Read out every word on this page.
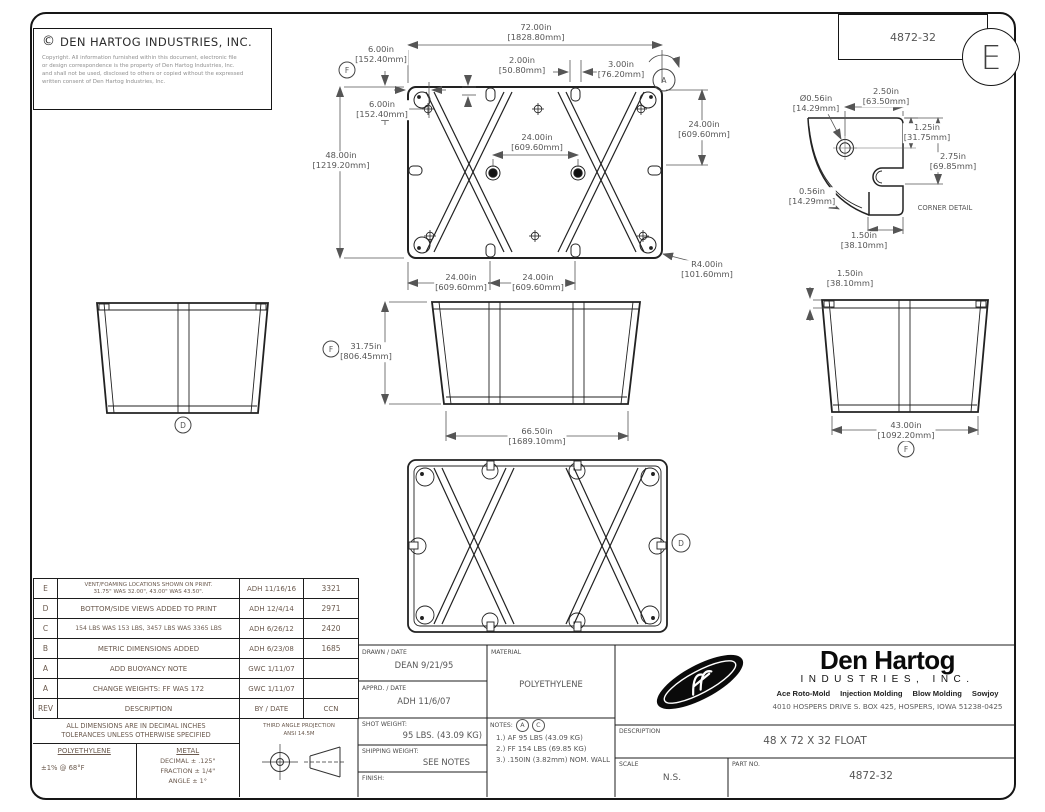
F
A
F
D
F
D
72.00in
[1828.80mm]
6.00in
[152.40mm]
6.00in
[152.40mm]
2.00in
[50.80mm]
3.00in
[76.20mm]
48.00in
[1219.20mm]
24.00in
[609.60mm]
24.00in
[609.60mm]
R4.00in
[101.60mm]
24.00in
[609.60mm]
24.00in
[609.60mm]
Ø0.56in
[14.29mm]
2.50in
[63.50mm]
1.25in
[31.75mm]
2.75in
[69.85mm]
0.56in
[14.29mm]
1.50in
[38.10mm]
CORNER DETAIL
31.75in
[806.45mm]
66.50in
[1689.10mm]
1.50in
[38.10mm]
43.00in
[1092.20mm]
© DEN HARTOG INDUSTRIES, INC.
Copyright. All information furnished within this document, electronic file
or design correspondence is the property of Den Hartog Industries, Inc.
and shall not be used, disclosed to others or copied without the expressed
written consent of Den Hartog Industries, Inc.
4872-32
E
E	VENT/FOAMING LOCATIONS SHOWN ON PRINT.
31.75" WAS 32.00", 43.00" WAS 43.50".	ADH 11/16/16	3321
D	BOTTOM/SIDE VIEWS ADDED TO PRINT	ADH 12/4/14	2971
C	154 LBS WAS 153 LBS, 3457 LBS WAS 3365 LBS	ADH 6/26/12	2420
B	METRIC DIMENSIONS ADDED	ADH 6/23/08	1685
A	ADD BUOYANCY NOTE	GWC 1/11/07
A	CHANGE WEIGHTS: FF WAS 172	GWC 1/11/07
REV	DESCRIPTION	BY / DATE	CCN
ALL DIMENSIONS ARE IN DECIMAL INCHES
TOLERANCES UNLESS OTHERWISE SPECIFIED
POLYETHYLENE
±1% @ 68°F
METAL
DECIMAL ± .125"
FRACTION ± 1/4"
ANGLE ± 1°
THIRD ANGLE PROJECTION
ANSI 14.5M
DRAWN / DATE
DEAN 9/21/95
APPRD. / DATE
ADH 11/6/07
MATERIAL
POLYETHYLENE
SHOT WEIGHT:
95 LBS. (43.09 KG)
SHIPPING WEIGHT:
SEE NOTES
FINISH:
NOTES:	A	C
1.) AF 95 LBS (43.09 KG)
2.) FF 154 LBS (69.85 KG)
3.) .150IN (3.82mm) NOM. WALL
Den Hartog
INDUSTRIES, INC.
Ace Roto-Mold Injection Molding Blow Molding Sowjoy
4010 HOSPERS DRIVE S. BOX 425, HOSPERS, IOWA 51238-0425
DESCRIPTION
48 X 72 X 32 FLOAT
SCALE
N.S.
PART NO.
4872-32
